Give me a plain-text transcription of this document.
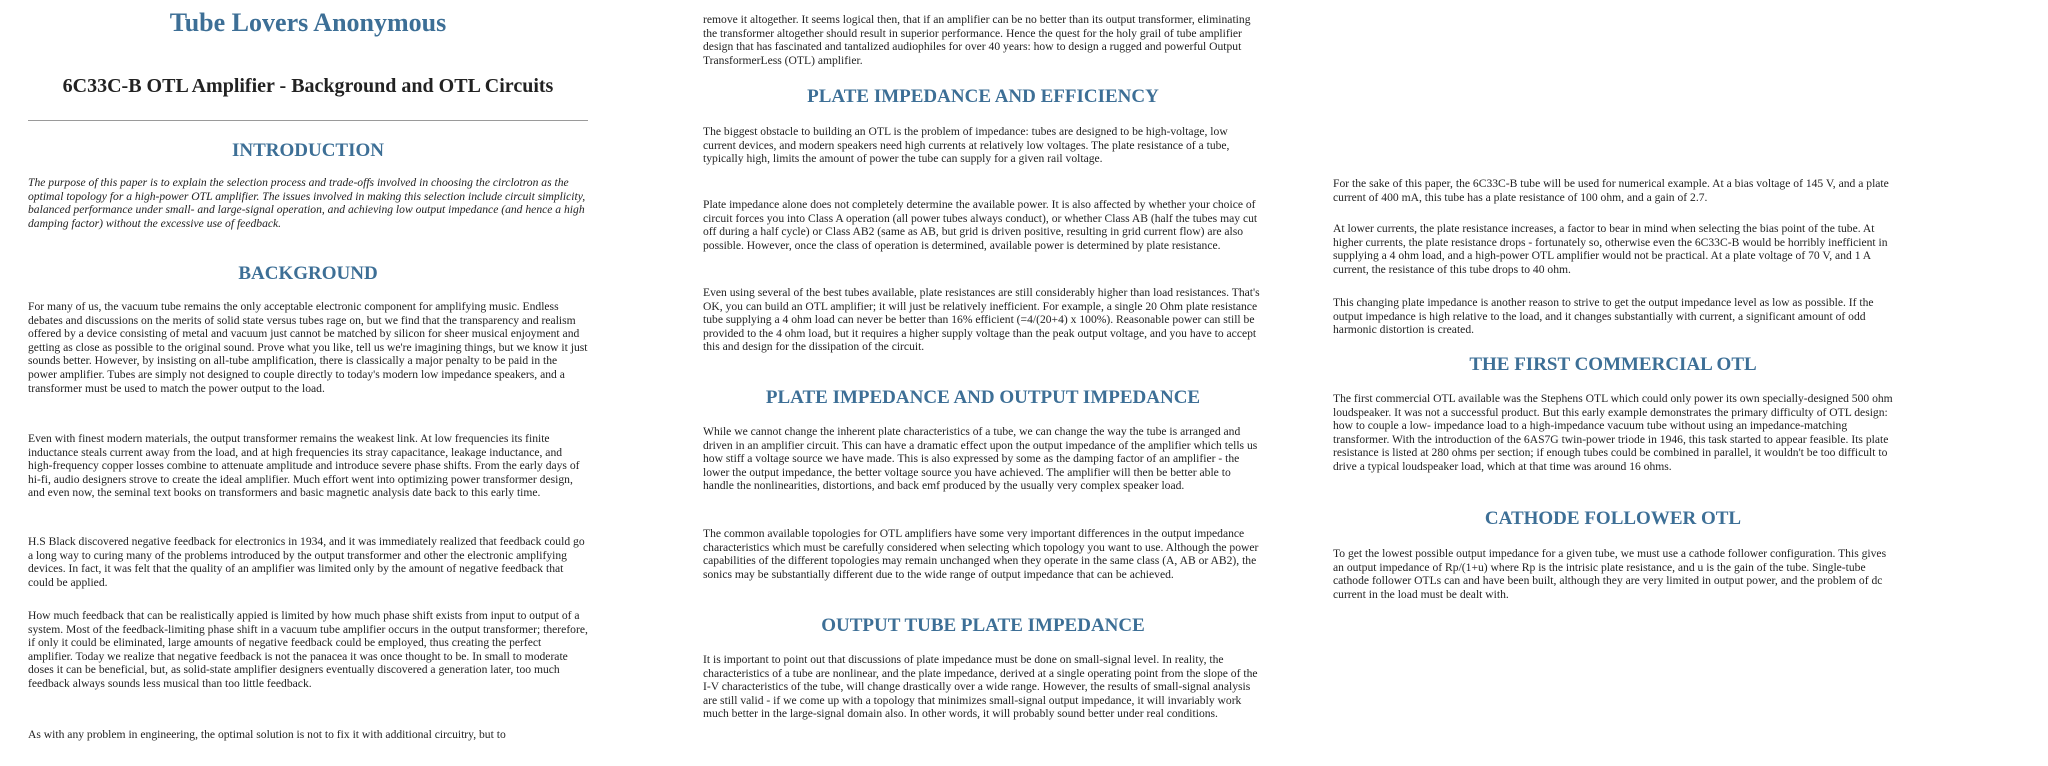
Tube Lovers Anonymous
6C33C-B OTL Amplifier - Background and OTL Circuits
INTRODUCTION

The purpose of this paper is to explain the selection process and trade-offs involved in choosing the circlotron as the optimal topology for a high-power OTL amplifier. The issues involved in making this selection include circuit simplicity, balanced performance under small- and large-signal operation, and achieving low output impedance (and hence a high damping factor) without the excessive use of feedback.

BACKGROUND

For many of us, the vacuum tube remains the only acceptable electronic component for amplifying music. Endless debates and discussions on the merits of solid state versus tubes rage on, but we find that the transparency and realism offered by a device consisting of metal and vacuum just cannot be matched by silicon for sheer musical enjoyment and getting as close as possible to the original sound. Prove what you like, tell us we're imagining things, but we know it just sounds better. However, by insisting on all-tube amplification, there is classically a major penalty to be paid in the power amplifier. Tubes are simply not designed to couple directly to today's modern low impedance speakers, and a transformer must be used to match the power output to the load.

Even with finest modern materials, the output transformer remains the weakest link. At low frequencies its finite inductance steals current away from the load, and at high frequencies its stray capacitance, leakage inductance, and high-frequency copper losses combine to attenuate amplitude and introduce severe phase shifts. From the early days of hi-fi, audio designers strove to create the ideal amplifier. Much effort went into optimizing power transformer design, and even now, the seminal text books on transformers and basic magnetic analysis date back to this early time.

H.S Black discovered negative feedback for electronics in 1934, and it was immediately realized that feedback could go a long way to curing many of the problems introduced by the output transformer and other the electronic amplifying devices. In fact, it was felt that the quality of an amplifier was limited only by the amount of negative feedback that could be applied.

How much feedback that can be realistically appied is limited by how much phase shift exists from input to output of a system. Most of the feedback-limiting phase shift in a vacuum tube amplifier occurs in the output transformer; therefore, if only it could be eliminated, large amounts of negative feedback could be employed, thus creating the perfect amplifier. Today we realize that negative feedback is not the panacea it was once thought to be. In small to moderate doses it can be beneficial, but, as solid-state amplifier designers eventually discovered a generation later, too much feedback always sounds less musical than too little feedback.

As with any problem in engineering, the optimal solution is not to fix it with additional circuitry, but to

remove it altogether. It seems logical then, that if an amplifier can be no better than its output transformer, eliminating the transformer altogether should result in superior performance. Hence the quest for the holy grail of tube amplifier design that has fascinated and tantalized audiophiles for over 40 years: how to design a rugged and powerful Output TransformerLess (OTL) amplifier.

PLATE IMPEDANCE AND EFFICIENCY

The biggest obstacle to building an OTL is the problem of impedance: tubes are designed to be high-voltage, low current devices, and modern speakers need high currents at relatively low voltages. The plate resistance of a tube, typically high, limits the amount of power the tube can supply for a given rail voltage.

Plate impedance alone does not completely determine the available power. It is also affected by whether your choice of circuit forces you into Class A operation (all power tubes always conduct), or whether Class AB (half the tubes may cut off during a half cycle) or Class AB2 (same as AB, but grid is driven positive, resulting in grid current flow) are also possible. However, once the class of operation is determined, available power is determined by plate resistance.

Even using several of the best tubes available, plate resistances are still considerably higher than load resistances. That's OK, you can build an OTL amplifier; it will just be relatively inefficient. For example, a single 20 Ohm plate resistance tube supplying a 4 ohm load can never be better than 16% efficient (=4/(20+4) x 100%). Reasonable power can still be provided to the 4 ohm load, but it requires a higher supply voltage than the peak output voltage, and you have to accept this and design for the dissipation of the circuit.

PLATE IMPEDANCE AND OUTPUT IMPEDANCE

While we cannot change the inherent plate characteristics of a tube, we can change the way the tube is arranged and driven in an amplifier circuit. This can have a dramatic effect upon the output impedance of the amplifier which tells us how stiff a voltage source we have made. This is also expressed by some as the damping factor of an amplifier - the lower the output impedance, the better voltage source you have achieved. The amplifier will then be better able to handle the nonlinearities, distortions, and back emf produced by the usually very complex speaker load.

The common available topologies for OTL amplifiers have some very important differences in the output impedance characteristics which must be carefully considered when selecting which topology you want to use. Although the power capabilities of the different topologies may remain unchanged when they operate in the same class (A, AB or AB2), the sonics may be substantially different due to the wide range of output impedance that can be achieved.

OUTPUT TUBE PLATE IMPEDANCE

It is important to point out that discussions of plate impedance must be done on small-signal level. In reality, the characteristics of a tube are nonlinear, and the plate impedance, derived at a single operating point from the slope of the I-V characteristics of the tube, will change drastically over a wide range. However, the results of small-signal analysis are still valid - if we come up with a topology that minimizes small-signal output impedance, it will invariably work much better in the large-signal domain also. In other words, it will probably sound better under real conditions.

For the sake of this paper, the 6C33C-B tube will be used for numerical example. At a bias voltage of 145 V, and a plate current of 400 mA, this tube has a plate resistance of 100 ohm, and a gain of 2.7.

At lower currents, the plate resistance increases, a factor to bear in mind when selecting the bias point of the tube. At higher currents, the plate resistance drops - fortunately so, otherwise even the 6C33C-B would be horribly inefficient in supplying a 4 ohm load, and a high-power OTL amplifier would not be practical. At a plate voltage of 70 V, and 1 A current, the resistance of this tube drops to 40 ohm.

This changing plate impedance is another reason to strive to get the output impedance level as low as possible. If the output impedance is high relative to the load, and it changes substantially with current, a significant amount of odd harmonic distortion is created.

THE FIRST COMMERCIAL OTL

The first commercial OTL available was the Stephens OTL which could only power its own specially-designed 500 ohm loudspeaker. It was not a successful product. But this early example demonstrates the primary difficulty of OTL design: how to couple a low- impedance load to a high-impedance vacuum tube without using an impedance-matching transformer. With the introduction of the 6AS7G twin-power triode in 1946, this task started to appear feasible. Its plate resistance is listed at 280 ohms per section; if enough tubes could be combined in parallel, it wouldn't be too difficult to drive a typical loudspeaker load, which at that time was around 16 ohms.

CATHODE FOLLOWER OTL

To get the lowest possible output impedance for a given tube, we must use a cathode follower configuration. This gives an output impedance of Rp/(1+u) where Rp is the intrisic plate resistance, and u is the gain of the tube. Single-tube cathode follower OTLs can and have been built, although they are very limited in output power, and the problem of dc current in the load must be dealt with.
